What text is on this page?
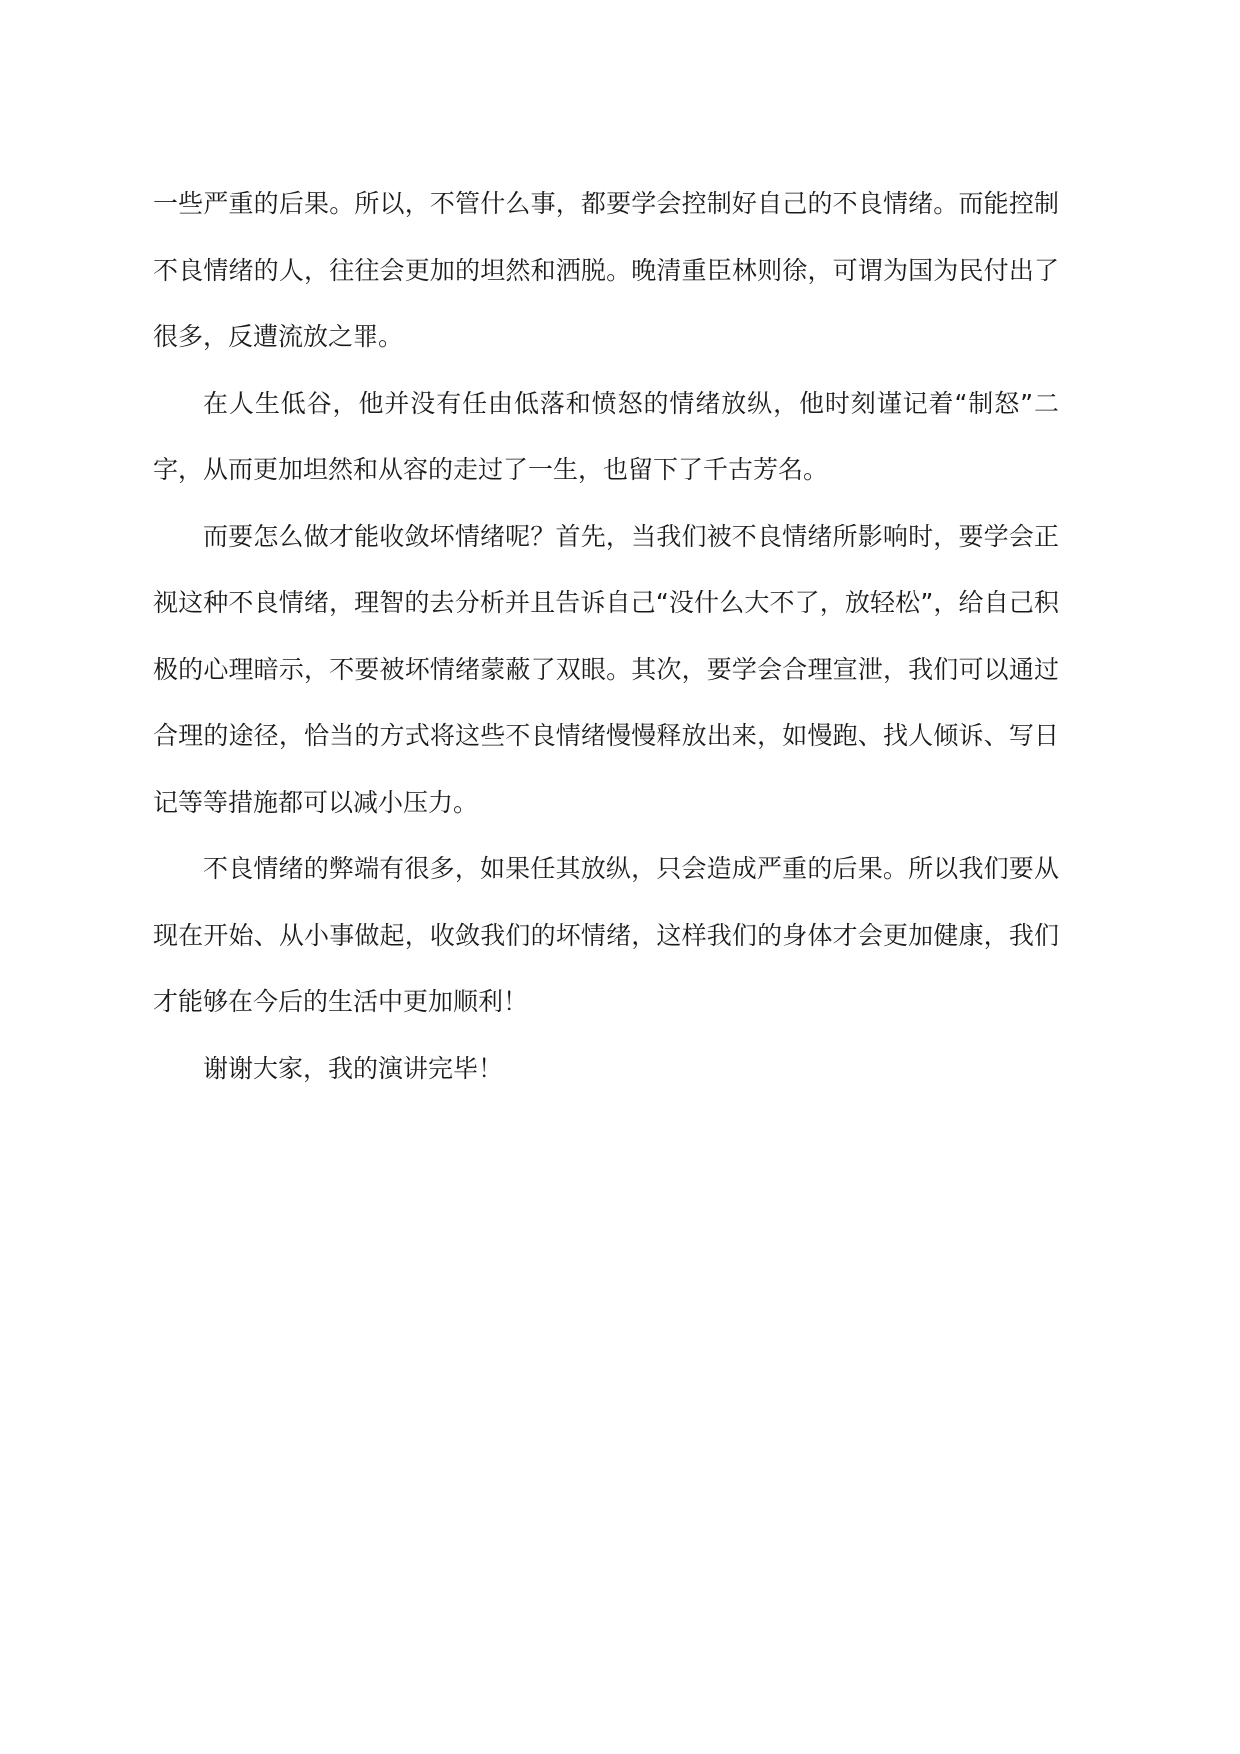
一些严重的后果。所以，不管什么事，都要学会控制好自己的不良情绪。而能控制不良情绪的人，往往会更加的坦然和洒脱。晚清重臣林则徐，可谓为国为民付出了很多，反遭流放之罪。

在人生低谷，他并没有任由低落和愤怒的情绪放纵，他时刻谨记着“制怒”二字，从而更加坦然和从容的走过了一生，也留下了千古芳名。

而要怎么做才能收敛坏情绪呢？首先，当我们被不良情绪所影响时，要学会正视这种不良情绪，理智的去分析并且告诉自己“没什么大不了，放轻松”，给自己积极的心理暗示，不要被坏情绪蒙蔽了双眼。其次，要学会合理宣泄，我们可以通过合理的途径，恰当的方式将这些不良情绪慢慢释放出来，如慢跑、找人倾诉、写日记等等措施都可以减小压力。

不良情绪的弊端有很多，如果任其放纵，只会造成严重的后果。所以我们要从现在开始、从小事做起，收敛我们的坏情绪，这样我们的身体才会更加健康，我们才能够在今后的生活中更加顺利！

谢谢大家，我的演讲完毕！
